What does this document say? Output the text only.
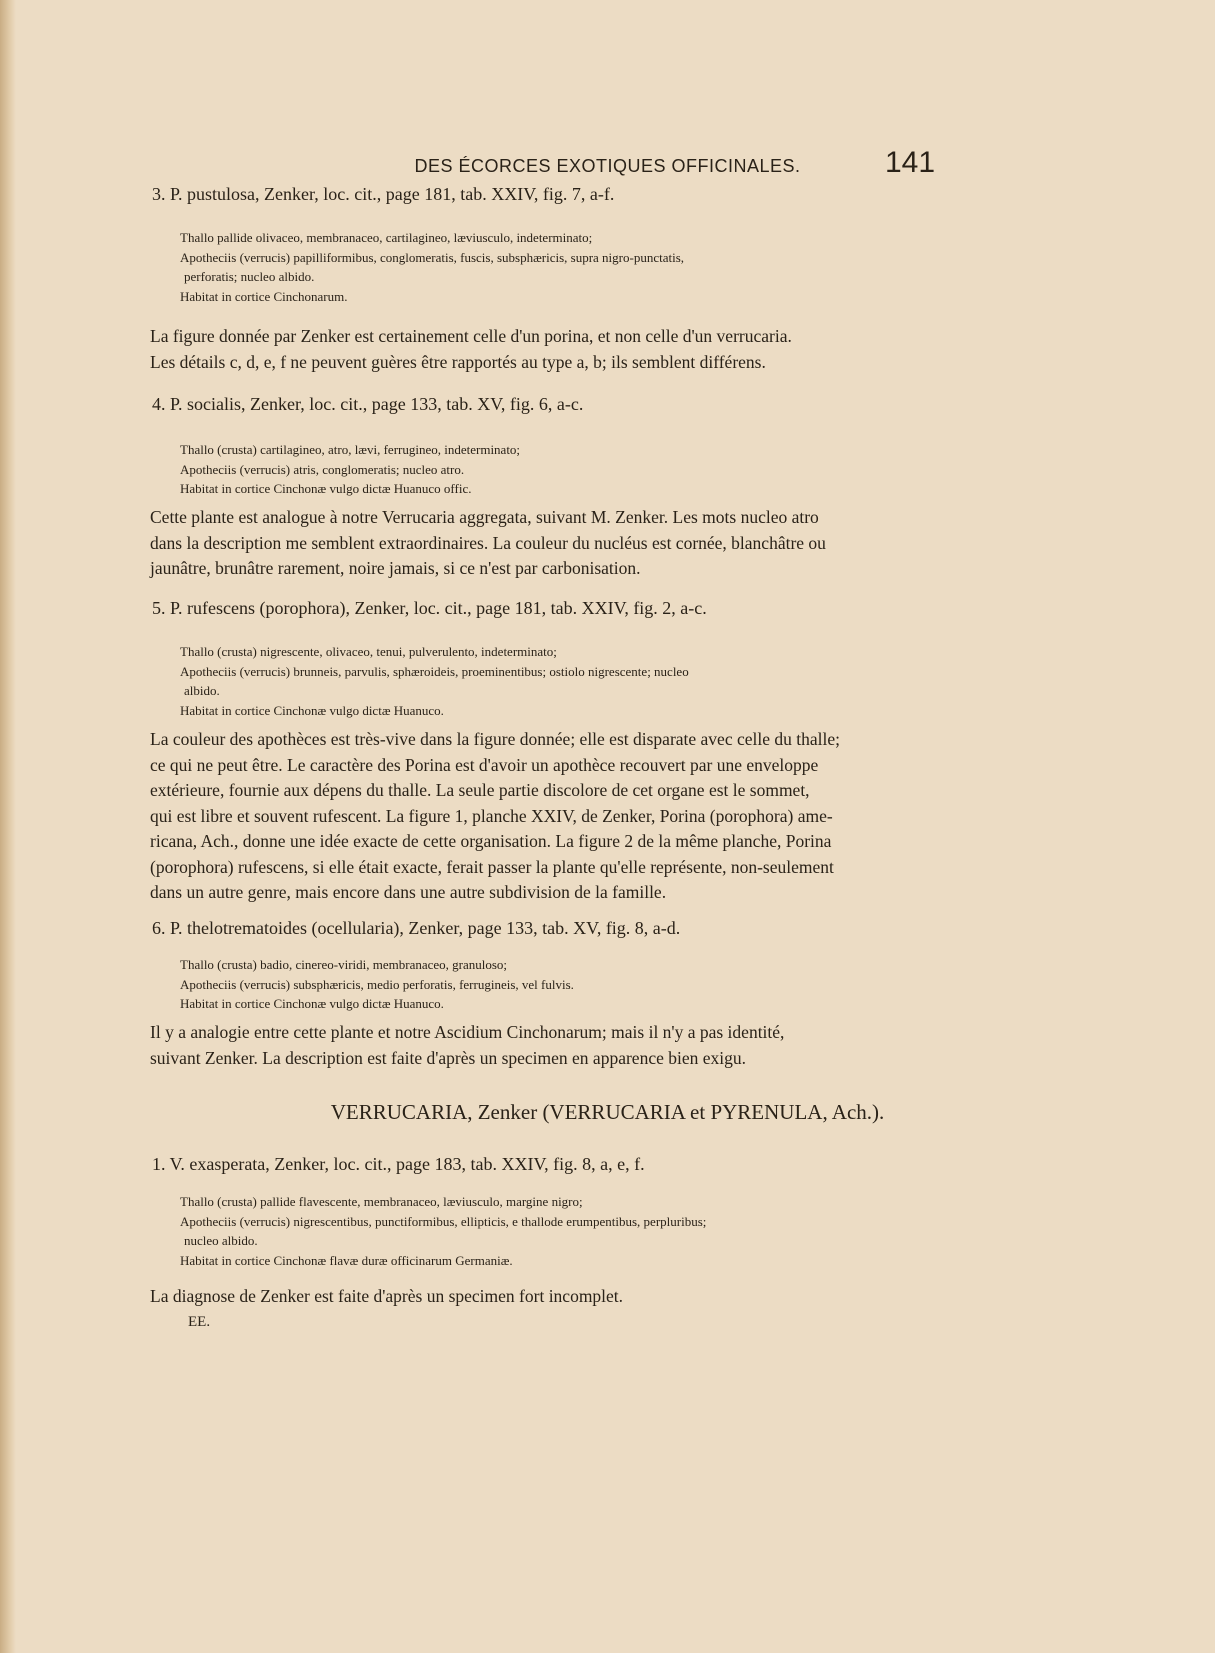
DES ÉCORCES EXOTIQUES OFFICINALES.	141
3. P. pustulosa, Zenker, loc. cit., page 181, tab. XXIV, fig. 7, a-f.
Thallo pallide olivaceo, membranaceo, cartilagineo, læviusculo, indeterminato;
Apotheciis (verrucis) papilliformibus, conglomeratis, fuscis, subsphæricis, supra nigro-punctatis,
perforatis; nucleo albido.
Habitat in cortice Cinchonarum.
La figure donnée par Zenker est certainement celle d'un porina, et non celle d'un verrucaria.
Les détails c, d, e, f ne peuvent guères être rapportés au type a, b; ils semblent différens.
4. P. socialis, Zenker, loc. cit., page 133, tab. XV, fig. 6, a-c.
Thallo (crusta) cartilagineo, atro, lævi, ferrugineo, indeterminato;
Apotheciis (verrucis) atris, conglomeratis; nucleo atro.
Habitat in cortice Cinchonæ vulgo dictæ Huanuco offic.
Cette plante est analogue à notre Verrucaria aggregata, suivant M. Zenker. Les mots nucleo atro
dans la description me semblent extraordinaires. La couleur du nucléus est cornée, blanchâtre ou
jaunâtre, brunâtre rarement, noire jamais, si ce n'est par carbonisation.
5. P. rufescens (porophora), Zenker, loc. cit., page 181, tab. XXIV, fig. 2, a-c.
Thallo (crusta) nigrescente, olivaceo, tenui, pulverulento, indeterminato;
Apotheciis (verrucis) brunneis, parvulis, sphæroideis, proeminentibus; ostiolo nigrescente; nucleo
albido.
Habitat in cortice Cinchonæ vulgo dictæ Huanuco.
La couleur des apothèces est très-vive dans la figure donnée; elle est disparate avec celle du thalle;
ce qui ne peut être. Le caractère des Porina est d'avoir un apothèce recouvert par une enveloppe
extérieure, fournie aux dépens du thalle. La seule partie discolore de cet organe est le sommet,
qui est libre et souvent rufescent. La figure 1, planche XXIV, de Zenker, Porina (porophora) ame-
ricana, Ach., donne une idée exacte de cette organisation. La figure 2 de la même planche, Porina
(porophora) rufescens, si elle était exacte, ferait passer la plante qu'elle représente, non-seulement
dans un autre genre, mais encore dans une autre subdivision de la famille.
6. P. thelotrematoides (ocellularia), Zenker, page 133, tab. XV, fig. 8, a-d.
Thallo (crusta) badio, cinereo-viridi, membranaceo, granuloso;
Apotheciis (verrucis) subsphæricis, medio perforatis, ferrugineis, vel fulvis.
Habitat in cortice Cinchonæ vulgo dictæ Huanuco.
Il y a analogie entre cette plante et notre Ascidium Cinchonarum; mais il n'y a pas identité,
suivant Zenker. La description est faite d'après un specimen en apparence bien exigu.
VERRUCARIA, Zenker (VERRUCARIA et PYRENULA, Ach.).
1. V. exasperata, Zenker, loc. cit., page 183, tab. XXIV, fig. 8, a, e, f.
Thallo (crusta) pallide flavescente, membranaceo, læviusculo, margine nigro;
Apotheciis (verrucis) nigrescentibus, punctiformibus, ellipticis, e thallode erumpentibus, perpluribus;
nucleo albido.
Habitat in cortice Cinchonæ flavæ duræ officinarum Germaniæ.
La diagnose de Zenker est faite d'après un specimen fort incomplet.
EE.
